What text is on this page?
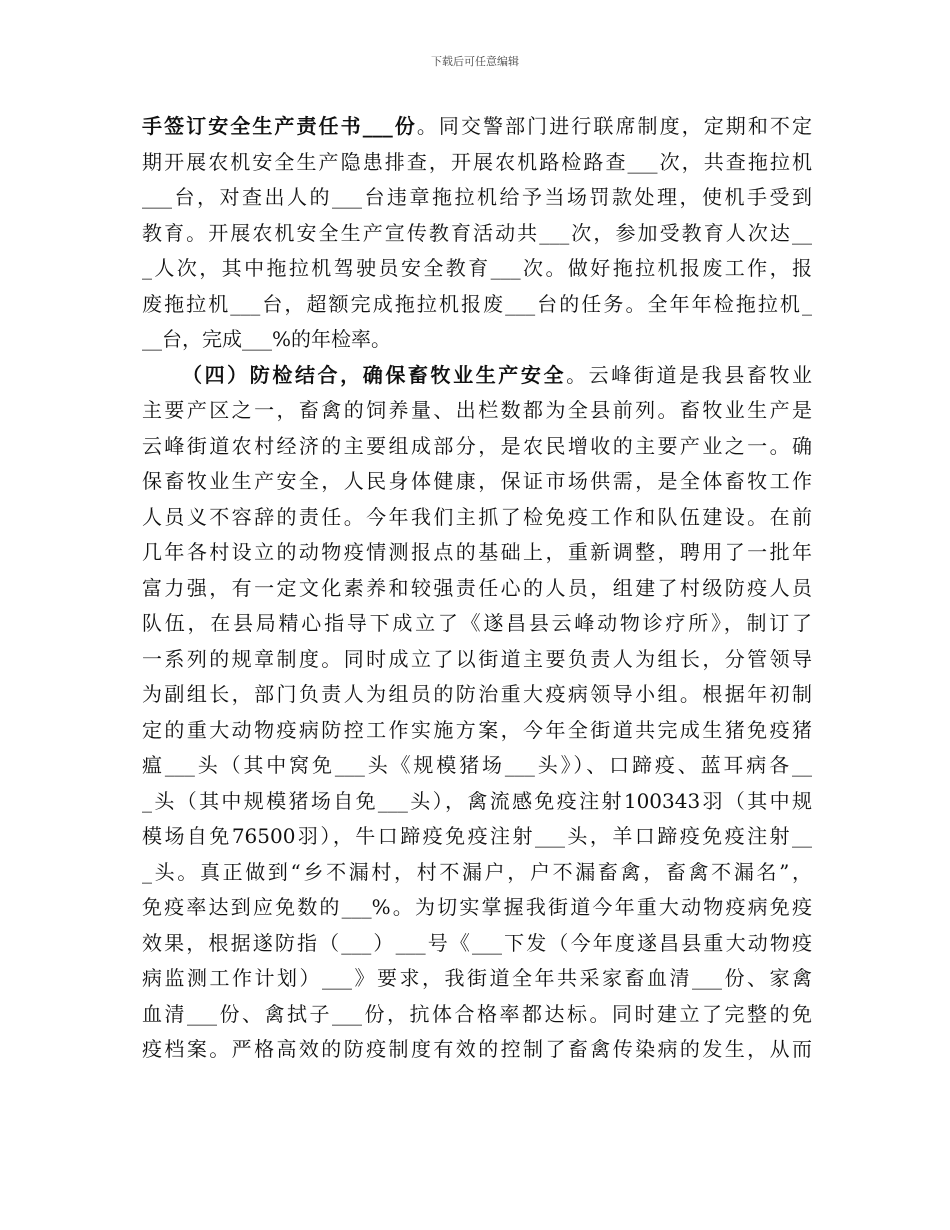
下载后可任意编辑
手签订安全生产责任书___份。同交警部门进行联席制度，定期和不定
期开展农机安全生产隐患排查，开展农机路检路查___次，共查拖拉机
___台，对查出人的___台违章拖拉机给予当场罚款处理，使机手受到
教育。开展农机安全生产宣传教育活动共___次，参加受教育人次达__
_人次，其中拖拉机驾驶员安全教育___次。做好拖拉机报废工作，报
废拖拉机___台，超额完成拖拉机报废___台的任务。全年年检拖拉机_
__台，完成___%的年检率。
（四）防检结合，确保畜牧业生产安全。云峰街道是我县畜牧业
主要产区之一，畜禽的饲养量、出栏数都为全县前列。畜牧业生产是
云峰街道农村经济的主要组成部分，是农民增收的主要产业之一。确
保畜牧业生产安全，人民身体健康，保证市场供需，是全体畜牧工作
人员义不容辞的责任。今年我们主抓了检免疫工作和队伍建设。在前
几年各村设立的动物疫情测报点的基础上，重新调整，聘用了一批年
富力强，有一定文化素养和较强责任心的人员，组建了村级防疫人员
队伍，在县局精心指导下成立了《遂昌县云峰动物诊疗所》，制订了
一系列的规章制度。同时成立了以街道主要负责人为组长，分管领导
为副组长，部门负责人为组员的防治重大疫病领导小组。根据年初制
定的重大动物疫病防控工作实施方案，今年全街道共完成生猪免疫猪
瘟___头（其中窝免___头《规模猪场___头》）、口蹄疫、蓝耳病各__
_头（其中规模猪场自免___头），禽流感免疫注射100343羽（其中规
模场自免76500羽），牛口蹄疫免疫注射___头，羊口蹄疫免疫注射__
_头。真正做到“乡不漏村，村不漏户，户不漏畜禽，畜禽不漏名”，
免疫率达到应免数的___%。为切实掌握我街道今年重大动物疫病免疫
效果，根据遂防指（___）___号《___下发（今年度遂昌县重大动物疫
病监测工作计划）___》要求，我街道全年共采家畜血清___份、家禽
血清___份、禽拭子___份，抗体合格率都达标。同时建立了完整的免
疫档案。严格高效的防疫制度有效的控制了畜禽传染病的发生，从而
